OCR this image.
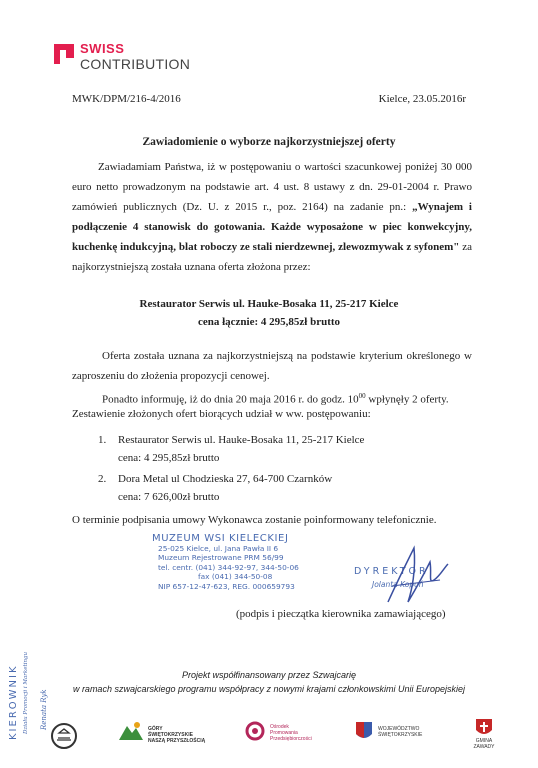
SWISS
CONTRIBUTION
MWK/DPM/216-4/2016	Kielce, 23.05.2016r
Zawiadomienie o wyborze najkorzystniejszej oferty
Zawiadamiam Państwa, iż w postępowaniu o wartości szacunkowej poniżej 30 000 euro netto prowadzonym na podstawie art. 4 ust. 8 ustawy z dn. 29-01-2004 r. Prawo zamówień publicznych (Dz. U. z 2015 r., poz. 2164) na zadanie pn.: „Wynajem i podłączenie 4 stanowisk do gotowania. Każde wyposażone w piec konwekcyjny, kuchenkę indukcyjną, blat roboczy ze stali nierdzewnej, zlewozmywak z syfonem" za najkorzystniejszą została uznana oferta złożona przez:
Restaurator Serwis ul. Hauke-Bosaka 11, 25-217 Kielce
cena łącznie: 4 295,85zł brutto
Oferta została uznana za najkorzystniejszą na podstawie kryterium określonego w zaproszeniu do złożenia propozycji cenowej.
Ponadto informuję, iż do dnia 20 maja 2016 r. do godz. $10^{00}$ wpłynęły 2 oferty.
Zestawienie złożonych ofert biorących udział w ww. postępowaniu:
1. Restaurator Serwis ul. Hauke-Bosaka 11, 25-217 Kielce
cena: 4 295,85zł brutto
2. Dora Metal ul Chodzieska 27, 64-700 Czarnków
cena: 7 626,00zł brutto
O terminie podpisania umowy Wykonawca zostanie poinformowany telefonicznie.
MUZEUM WSI KIELECKIEJ
25-025 Kielce, ul. Jana Pawła II 6
Muzeum Rejestrowane PRM 56/99
tel. centr. (041) 344-92-97, 344-50-06
fax (041) 344-50-08
NIP 657-12-47-623, REG. 000659793
DYREKTOR
Jolanta Kopoń
(podpis i pieczątka kierownika zamawiającego)
KIEROWNIK Działu Promocji i Marketingu Renata Ryk
Projekt współfinansowany przez Szwajcarię
w ramach szwajcarskiego programu współpracy z nowymi krajami członkowskimi Unii Europejskiej
GÓRY ŚWIĘTOKRZYSKIE NASZĄ PRZYSZŁOŚCIĄ
Ośrodek Promowania Przedsiębiorczości
WOJEWÓDZTWO ŚWIĘTOKRZYSKIE
GMINA ZAWADY
